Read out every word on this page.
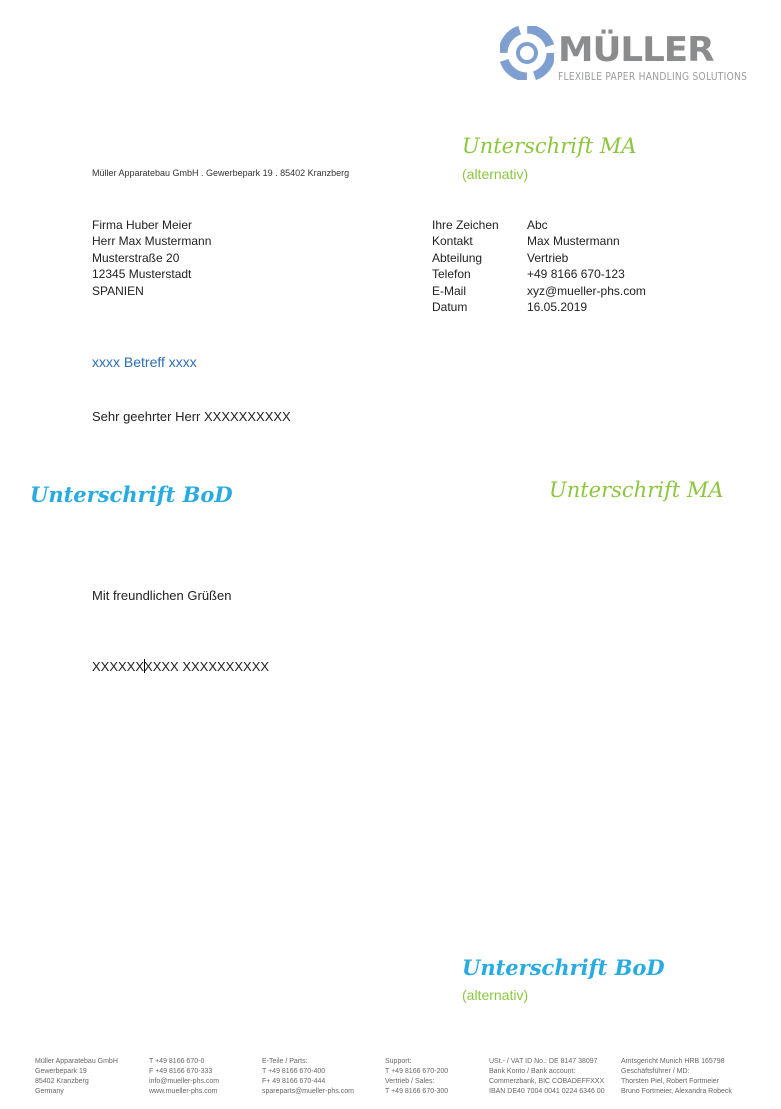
MÜLLER
FLEXIBLE PAPER HANDLING SOLUTIONS
Unterschrift MA
(alternativ)
Müller Apparatebau GmbH . Gewerbepark 19 . 85402 Kranzberg
Firma Huber Meier
Herr Max Mustermann
Musterstraße 20
12345 Musterstadt
SPANIEN
Ihre Zeichen	Abc
Kontakt	Max Mustermann
Abteilung	Vertrieb
Telefon	+49 8166 670-123
E-Mail	xyz@mueller-phs.com
Datum	16.05.2019
xxxx Betreff xxxx
Sehr geehrter Herr XXXXXXXXXX
Unterschrift BoD	Unterschrift MA
Mit freundlichen Grüßen
XXXXXXXXXX XXXXXXXXXX
Unterschrift BoD
(alternativ)
Müller Apparatebau GmbH
Gewerbepark 19
85402 Kranzberg
Germany
T +49 8166 670-0
F +49 8166 670-333
info@mueller-phs.com
www.mueller-phs.com
E-Teile / Parts:
T +49 8166 670-400
F+ 49 8166 670-444
spareparts@mueller-phs.com
Support:
T +49 8166 670-200
Vertrieb / Sales:
T +49 8166 670-300
USt.- / VAT ID No.: DE 8147 38097
Bank Konto / Bank account:
Commerzbank, BIC COBADEFFXXX
IBAN DE40 7004 0041 0224 6346 00
Amtsgericht Munich HRB 165798
Geschäftsführer / MD:
Thorsten Piel, Robert Fortmeier
Bruno Fortmeier, Alexandra Robeck
